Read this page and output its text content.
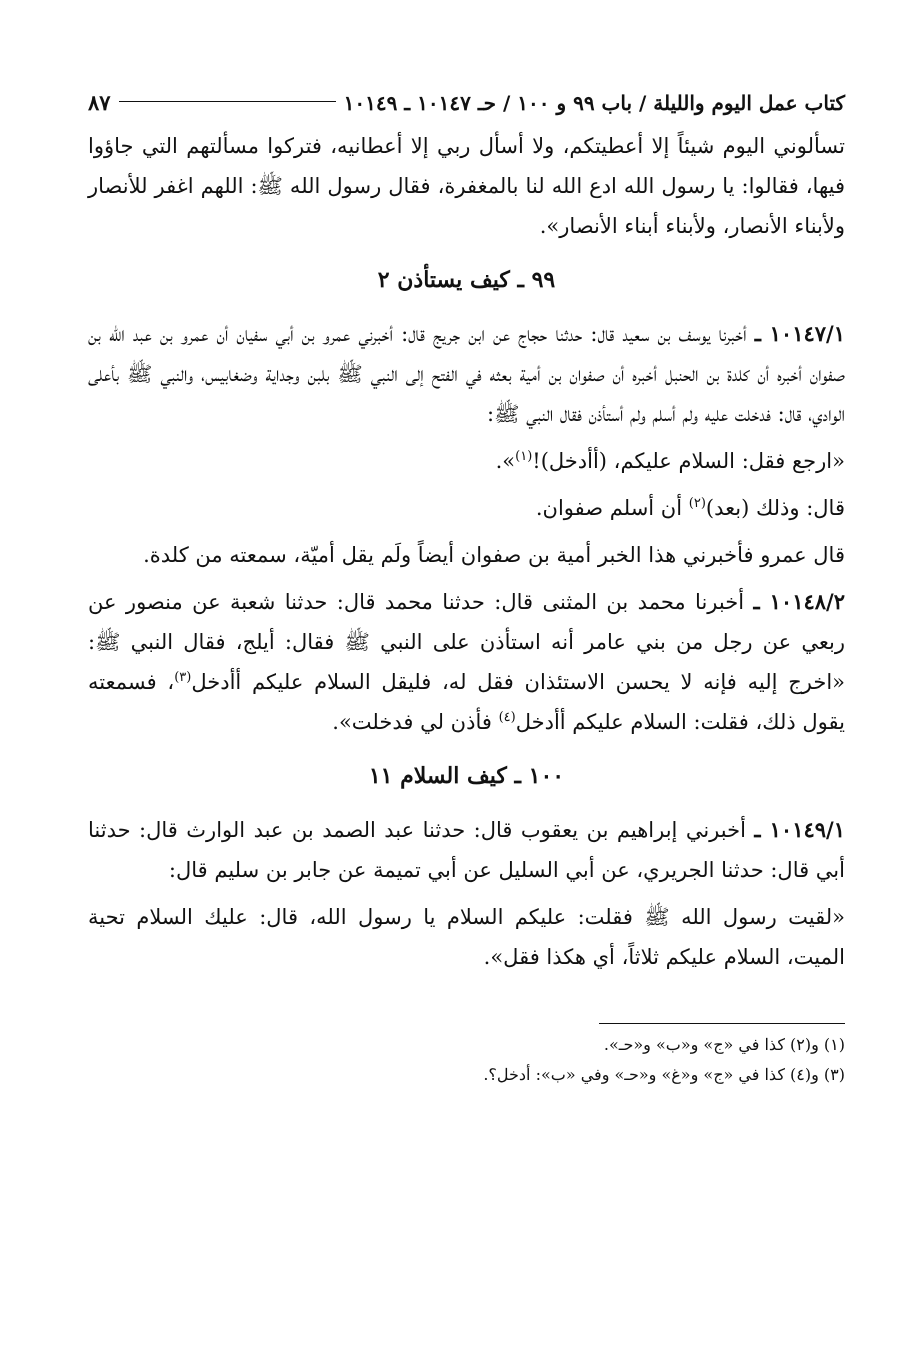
كتاب عمل اليوم والليلة / باب ٩٩ و ١٠٠ / حـ ١٠١٤٧ ـ ١٠١٤٩
٨٧

تسألوني اليوم شيئاً إلا أعطيتكم، ولا أسأل ربي إلا أعطانيه، فتركوا مسألتهم التي جاؤوا فيها، فقالوا: يا رسول الله ادع الله لنا بالمغفرة، فقال رسول الله ﷺ: اللهم اغفر للأنصار ولأبناء الأنصار، ولأبناء أبناء الأنصار».

٩٩ ـ كيف يستأذن ٢

١٠١٤٧/١ ـ أخبرنا يوسف بن سعيد قال: حدثنا حجاج عن ابن جريج قال: أخبرني عمرو بن أبي سفيان أن عمرو بن عبد الله بن صفوان أخبره أن كلدة بن الحنبل أخبره أن صفوان بن أمية بعثه في الفتح إلى النبي ﷺ بلبن وجداية وضغابيس، والنبي ﷺ بأعلى الوادي، قال: فدخلت عليه ولم أسلم ولم أستأذن فقال النبي ﷺ:

«ارجع فقل: السلام عليكم، (أأدخل)!$^{(١)}$».

قال: وذلك (بعد)$^{(٢)}$ أن أسلم صفوان.

قال عمرو فأخبرني هذا الخبر أمية بن صفوان أيضاً ولَم يقل أميّة، سمعته من كلدة.

١٠١٤٨/٢ ـ أخبرنا محمد بن المثنى قال: حدثنا محمد قال: حدثنا شعبة عن منصور عن ربعي عن رجل من بني عامر أنه استأذن على النبي ﷺ فقال: أيلج، فقال النبي ﷺ: «اخرج إليه فإنه لا يحسن الاستئذان فقل له، فليقل السلام عليكم أأدخل$^{(٣)}$، فسمعته يقول ذلك، فقلت: السلام عليكم أأدخل$^{(٤)}$ فأذن لي فدخلت».

١٠٠ ـ كيف السلام ١١

١٠١٤٩/١ ـ أخبرني إبراهيم بن يعقوب قال: حدثنا عبد الصمد بن عبد الوارث قال: حدثنا أبي قال: حدثنا الجريري، عن أبي السليل عن أبي تميمة عن جابر بن سليم قال:

«لقيت رسول الله ﷺ فقلت: عليكم السلام يا رسول الله، قال: عليك السلام تحية الميت، السلام عليكم ثلاثاً، أي هكذا فقل».

(١) و(٢) كذا في «ج» و«ب» و«حـ».

(٣) و(٤) كذا في «ج» و«غ» و«حـ» وفي «ب»: أدخل؟.
